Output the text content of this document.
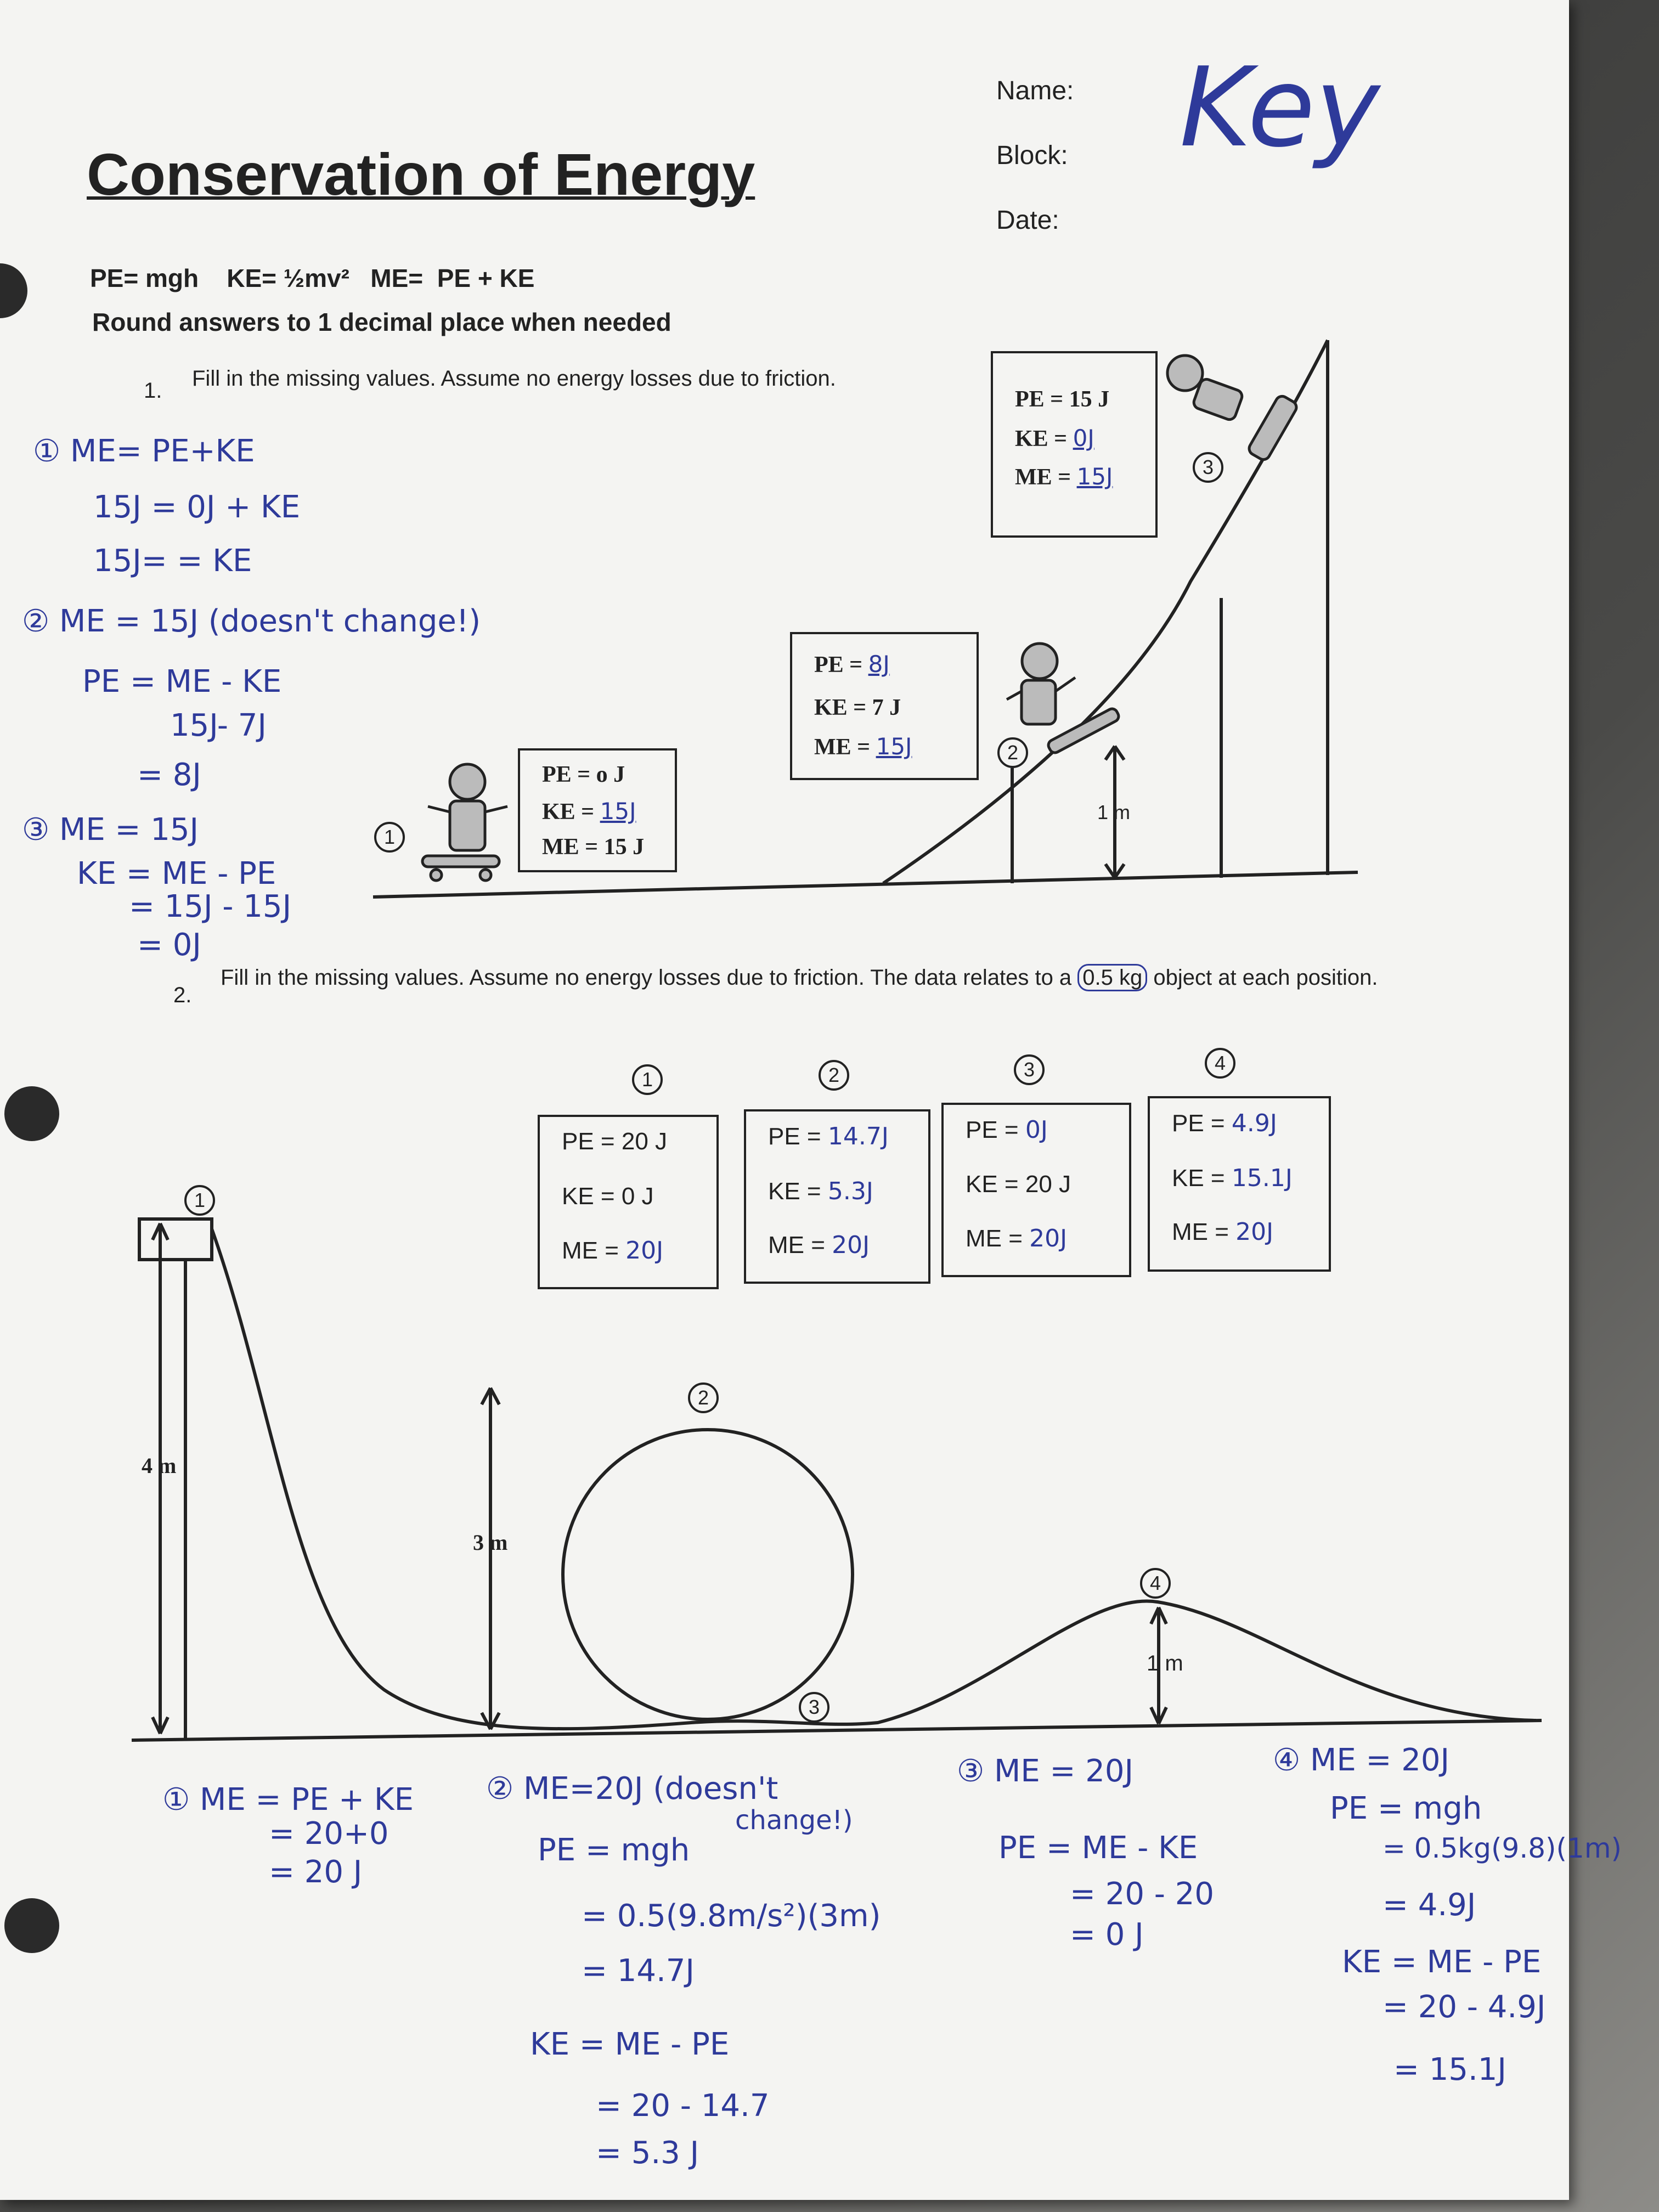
Conservation of Energy
Name:
Block:
Date:
Key
PE= mgh    KE= ½mv²   ME=  PE + KE
Round answers to 1 decimal place when needed
1. Fill in the missing values. Assume no energy losses due to friction.
① ME= PE+KE
15J = 0J + KE
15J= = KE
② ME = 15J (doesn't change!)
PE = ME - KE
15J- 7J
= 8J
③ ME = 15J
KE = ME - PE
= 15J - 15J
= 0J
1 m
1
2
3
PE = o J
KE = 15J
ME = 15 J
PE = 8J
KE = 7 J
ME = 15J
PE = 15 J
KE = 0J
ME = 15J
2.
Fill in the missing values. Assume no energy losses due to friction. The data relates to a 0.5 kg object at each position.
1	2	3	4
PE = 20 J
KE = 0 J
ME = 20J
PE = 14.7J
KE = 5.3J
ME = 20J
PE = 0J
KE = 20 J
ME = 20J
PE = 4.9J
KE = 15.1J
ME = 20J
4 m
3 m
1 m
1
2
3
4
① ME = PE + KE
= 20+0
= 20 J
② ME=20J (doesn't
change!)
PE = mgh
= 0.5(9.8m/s²)(3m)
= 14.7J
KE = ME - PE
= 20 - 14.7
= 5.3 J
③ ME = 20J
PE = ME - KE
= 20 - 20
= 0 J
④ ME = 20J
PE = mgh
= 0.5kg(9.8)(1m)
= 4.9J
KE = ME - PE
= 20 - 4.9J
= 15.1J
